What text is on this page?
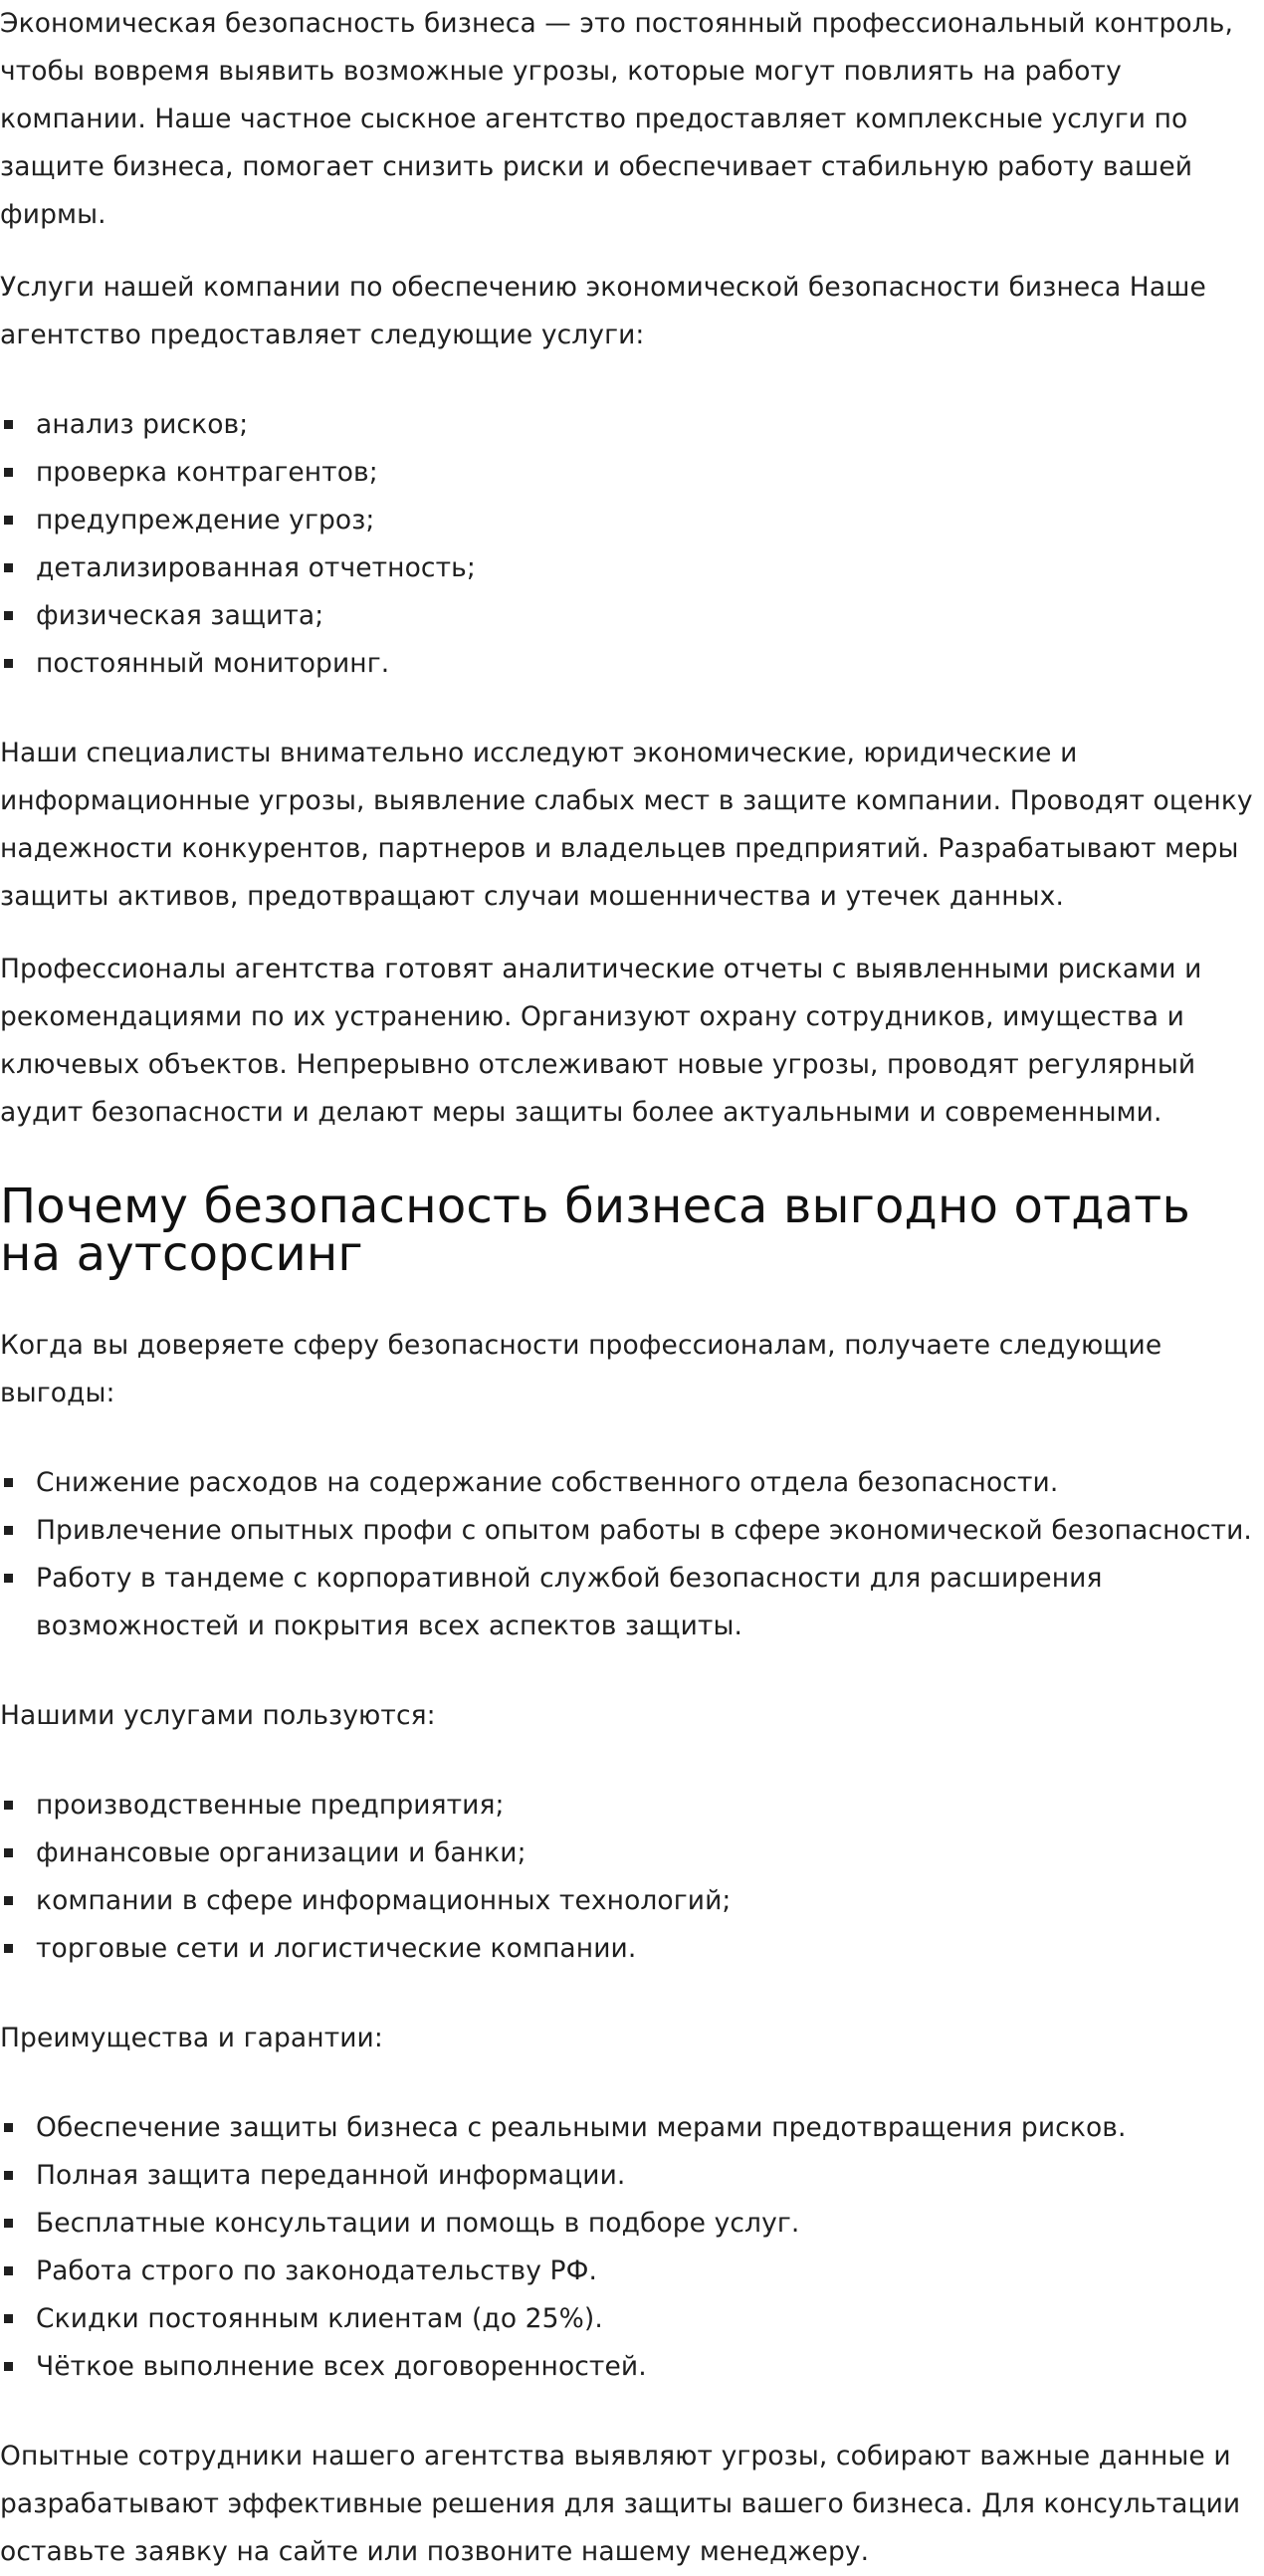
Экономическая безопасность бизнеса — это постоянный профессиональный контроль, чтобы вовремя выявить возможные угрозы, которые могут повлиять на работу компании. Наше частное сыскное агентство предоставляет комплексные услуги по защите бизнеса, помогает снизить риски и обеспечивает стабильную работу вашей фирмы.

Услуги нашей компании по обеспечению экономической безопасности бизнеса Наше агентство предоставляет следующие услуги:

анализ рисков;
проверка контрагентов;
предупреждение угроз;
детализированная отчетность;
физическая защита;
постоянный мониторинг.

Наши специалисты внимательно исследуют экономические, юридические и информационные угрозы, выявление слабых мест в защите компании. Проводят оценку надежности конкурентов, партнеров и владельцев предприятий. Разрабатывают меры защиты активов, предотвращают случаи мошенничества и утечек данных.

Профессионалы агентства готовят аналитические отчеты с выявленными рисками и рекомендациями по их устранению. Организуют охрану сотрудников, имущества и ключевых объектов. Непрерывно отслеживают новые угрозы, проводят регулярный аудит безопасности и делают меры защиты более актуальными и современными.

Почему безопасность бизнеса выгодно отдать на аутсорсинг

Когда вы доверяете сферу безопасности профессионалам, получаете следующие выгоды:

Снижение расходов на содержание собственного отдела безопасности.
Привлечение опытных профи с опытом работы в сфере экономической безопасности.
Работу в тандеме с корпоративной службой безопасности для расширения возможностей и покрытия всех аспектов защиты.

Нашими услугами пользуются:

производственные предприятия;
финансовые организации и банки;
компании в сфере информационных технологий;
торговые сети и логистические компании.

Преимущества и гарантии:

Обеспечение защиты бизнеса с реальными мерами предотвращения рисков.
Полная защита переданной информации.
Бесплатные консультации и помощь в подборе услуг.
Работа строго по законодательству РФ.
Скидки постоянным клиентам (до 25%).
Чёткое выполнение всех договоренностей.

Опытные сотрудники нашего агентства выявляют угрозы, собирают важные данные и разрабатывают эффективные решения для защиты вашего бизнеса. Для консультации оставьте заявку на сайте или позвоните нашему менеджеру.
